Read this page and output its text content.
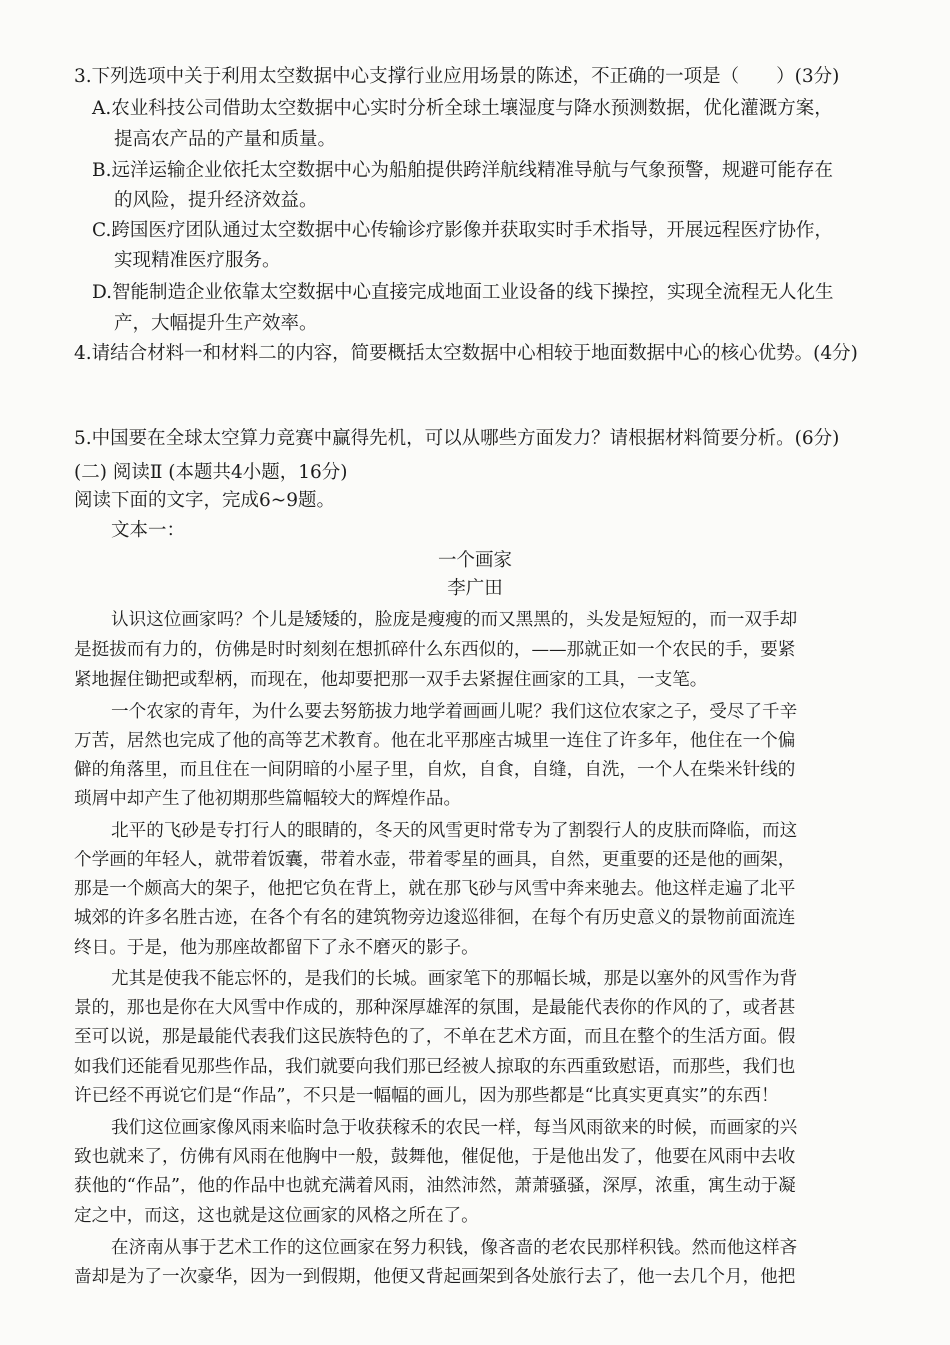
3.下列选项中关于利用太空数据中心支撑行业应用场景的陈述，不正确的一项是（　　）(3分)

A.农业科技公司借助太空数据中心实时分析全球土壤湿度与降水预测数据，优化灌溉方案，

提高农产品的产量和质量。

B.远洋运输企业依托太空数据中心为船舶提供跨洋航线精准导航与气象预警，规避可能存在

的风险，提升经济效益。

C.跨国医疗团队通过太空数据中心传输诊疗影像并获取实时手术指导，开展远程医疗协作，

实现精准医疗服务。

D.智能制造企业依靠太空数据中心直接完成地面工业设备的线下操控，实现全流程无人化生

产，大幅提升生产效率。

4.请结合材料一和材料二的内容，简要概括太空数据中心相较于地面数据中心的核心优势。(4分)

5.中国要在全球太空算力竞赛中赢得先机，可以从哪些方面发力？请根据材料简要分析。(6分)

(二) 阅读Ⅱ (本题共4小题，16分)

阅读下面的文字，完成6~9题。

文本一：

一个画家

李广田

认识这位画家吗？个儿是矮矮的，脸庞是瘦瘦的而又黑黑的，头发是短短的，而一双手却

是挺拔而有力的，仿佛是时时刻刻在想抓碎什么东西似的，——那就正如一个农民的手，要紧

紧地握住锄把或犁柄，而现在，他却要把那一双手去紧握住画家的工具，一支笔。

一个农家的青年，为什么要去努筋拔力地学着画画儿呢？我们这位农家之子，受尽了千辛

万苦，居然也完成了他的高等艺术教育。他在北平那座古城里一连住了许多年，他住在一个偏

僻的角落里，而且住在一间阴暗的小屋子里，自炊，自食，自缝，自洗，一个人在柴米针线的

琐屑中却产生了他初期那些篇幅较大的辉煌作品。

北平的飞砂是专打行人的眼睛的，冬天的风雪更时常专为了割裂行人的皮肤而降临，而这

个学画的年轻人，就带着饭囊，带着水壶，带着零星的画具，自然，更重要的还是他的画架，

那是一个颇高大的架子，他把它负在背上，就在那飞砂与风雪中奔来驰去。他这样走遍了北平

城郊的许多名胜古迹，在各个有名的建筑物旁边逡巡徘徊，在每个有历史意义的景物前面流连

终日。于是，他为那座故都留下了永不磨灭的影子。

尤其是使我不能忘怀的，是我们的长城。画家笔下的那幅长城，那是以塞外的风雪作为背

景的，那也是你在大风雪中作成的，那种深厚雄浑的氛围，是最能代表你的作风的了，或者甚

至可以说，那是最能代表我们这民族特色的了，不单在艺术方面，而且在整个的生活方面。假

如我们还能看见那些作品，我们就要向我们那已经被人掠取的东西重致慰语，而那些，我们也

许已经不再说它们是“作品”，不只是一幅幅的画儿，因为那些都是“比真实更真实”的东西！

我们这位画家像风雨来临时急于收获稼禾的农民一样，每当风雨欲来的时候，而画家的兴

致也就来了，仿佛有风雨在他胸中一般，鼓舞他，催促他，于是他出发了，他要在风雨中去收

获他的“作品”，他的作品中也就充满着风雨，油然沛然，萧萧骚骚，深厚，浓重，寓生动于凝

定之中，而这，这也就是这位画家的风格之所在了。

在济南从事于艺术工作的这位画家在努力积钱，像吝啬的老农民那样积钱。然而他这样吝

啬却是为了一次豪华，因为一到假期，他便又背起画架到各处旅行去了，他一去几个月，他把
